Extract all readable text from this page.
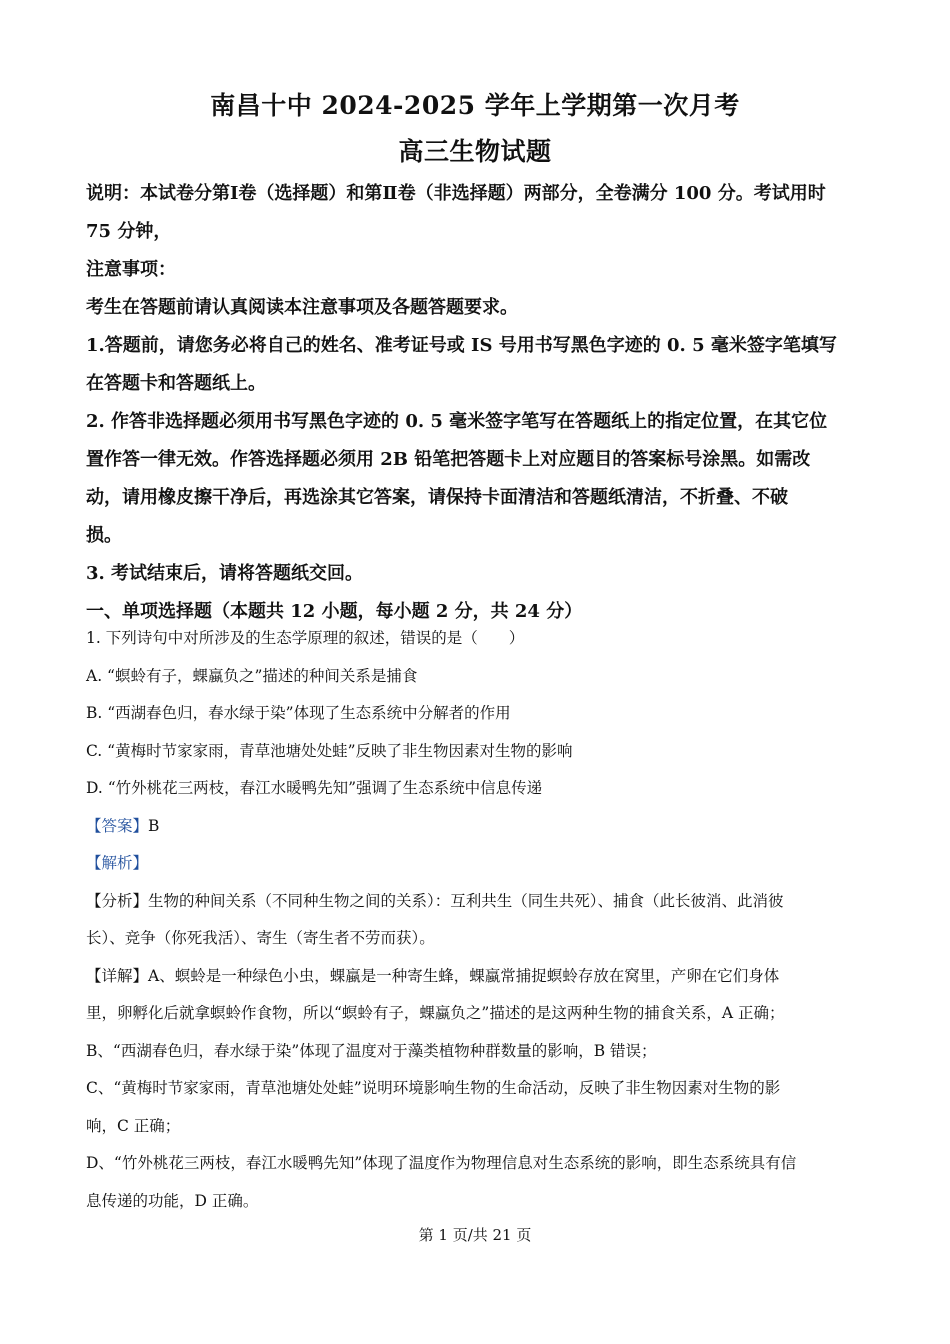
南昌十中 2024-2025 学年上学期第一次月考
高三生物试题

说明：本试卷分第Ⅰ卷（选择题）和第Ⅱ卷（非选择题）两部分，全卷满分 100 分。考试用时

75 分钟，

注意事项：

考生在答题前请认真阅读本注意事项及各题答题要求。

1.答题前，请您务必将自己的姓名、准考证号或 IS 号用书写黑色字迹的 0. 5 毫米签字笔填写

在答题卡和答题纸上。

2. 作答非选择题必须用书写黑色字迹的 0. 5 毫米签字笔写在答题纸上的指定位置，在其它位

置作答一律无效。作答选择题必须用 2B 铅笔把答题卡上对应题目的答案标号涂黑。如需改

动，请用橡皮擦干净后，再选涂其它答案，请保持卡面清洁和答题纸清洁，不折叠、不破

损。

3. 考试结束后，请将答题纸交回。

一、单项选择题（本题共 12 小题，每小题 2 分，共 24 分）

1. 下列诗句中对所涉及的生态学原理的叙述，错误的是（　　）

A. “螟蛉有子，蜾蠃负之”描述的种间关系是捕食

B. “西湖春色归，春水绿于染”体现了生态系统中分解者的作用

C. “黄梅时节家家雨，青草池塘处处蛙”反映了非生物因素对生物的影响

D. “竹外桃花三两枝，春江水暖鸭先知”强调了生态系统中信息传递

【答案】B

【解析】

【分析】生物的种间关系（不同种生物之间的关系）：互利共生（同生共死）、捕食（此长彼消、此消彼

长）、竞争（你死我活）、寄生（寄生者不劳而获）。

【详解】A、螟蛉是一种绿色小虫，蜾蠃是一种寄生蜂，蜾蠃常捕捉螟蛉存放在窝里，产卵在它们身体

里，卵孵化后就拿螟蛉作食物，所以“螟蛉有子，蜾蠃负之”描述的是这两种生物的捕食关系，A 正确；

B、“西湖春色归，春水绿于染”体现了温度对于藻类植物种群数量的影响，B 错误；

C、“黄梅时节家家雨，青草池塘处处蛙”说明环境影响生物的生命活动，反映了非生物因素对生物的影

响，C 正确；

D、“竹外桃花三两枝，春江水暖鸭先知”体现了温度作为物理信息对生态系统的影响，即生态系统具有信

息传递的功能，D 正确。

第 1 页/共 21 页
